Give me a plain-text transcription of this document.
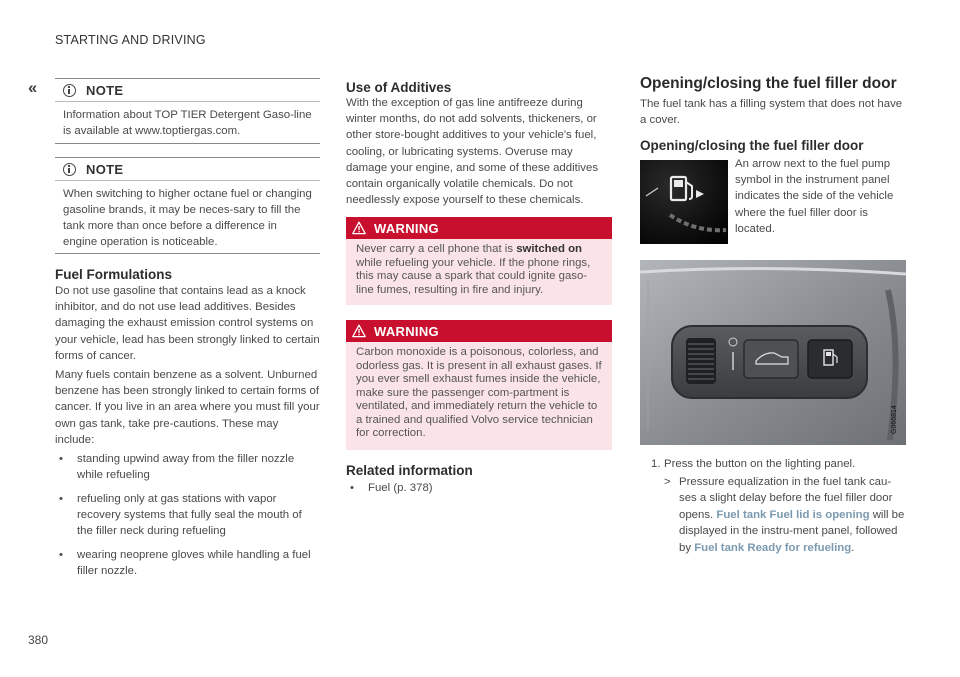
STARTING AND DRIVING
‹‹	NOTE
Information about TOP TIER Detergent Gaso-line is available at www.toptiergas.com.
NOTE
When switching to higher octane fuel or changing gasoline brands, it may be neces-sary to fill the tank more than once before a difference in engine operation is noticeable.
Fuel Formulations

Do not use gasoline that contains lead as a knock inhibitor, and do not use lead additives. Besides damaging the exhaust emission control systems on your vehicle, lead has been strongly linked to certain forms of cancer.

Many fuels contain benzene as a solvent. Unburned benzene has been strongly linked to certain forms of cancer. If you live in an area where you must fill your own gas tank, take pre-cautions. These may include:

• standing upwind away from the filler nozzle while refueling
• refueling only at gas stations with vapor recovery systems that fully seal the mouth of the filler neck during refueling
• wearing neoprene gloves while handling a fuel filler nozzle.
Use of Additives

With the exception of gas line antifreeze during winter months, do not add solvents, thickeners, or other store-bought additives to your vehicle's fuel, cooling, or lubricating systems. Overuse may damage your engine, and some of these additives contain organically volatile chemicals. Do not needlessly expose yourself to these chemicals.

WARNING
Never carry a cell phone that is switched on while refueling your vehicle. If the phone rings, this may cause a spark that could ignite gaso-line fumes, resulting in fire and injury.
WARNING
Carbon monoxide is a poisonous, colorless, and odorless gas. It is present in all exhaust gases. If you ever smell exhaust fumes inside the vehicle, make sure the passenger com-partment is ventilated, and immediately return the vehicle to a trained and qualified Volvo service technician for correction.
Related information
• Fuel (p. 378)
Opening/closing the fuel filler door

The fuel tank has a filling system that does not have a cover.

Opening/closing the fuel filler door

An arrow next to the fuel pump symbol in the instrument panel indicates the side of the vehicle where the fuel filler door is located.

G066814

1. Press the button on the lighting panel.

> Pressure equalization in the fuel tank cau-ses a slight delay before the fuel filler door opens. Fuel tank Fuel lid is opening will be displayed in the instru-ment panel, followed by Fuel tank Ready for refueling.

380
